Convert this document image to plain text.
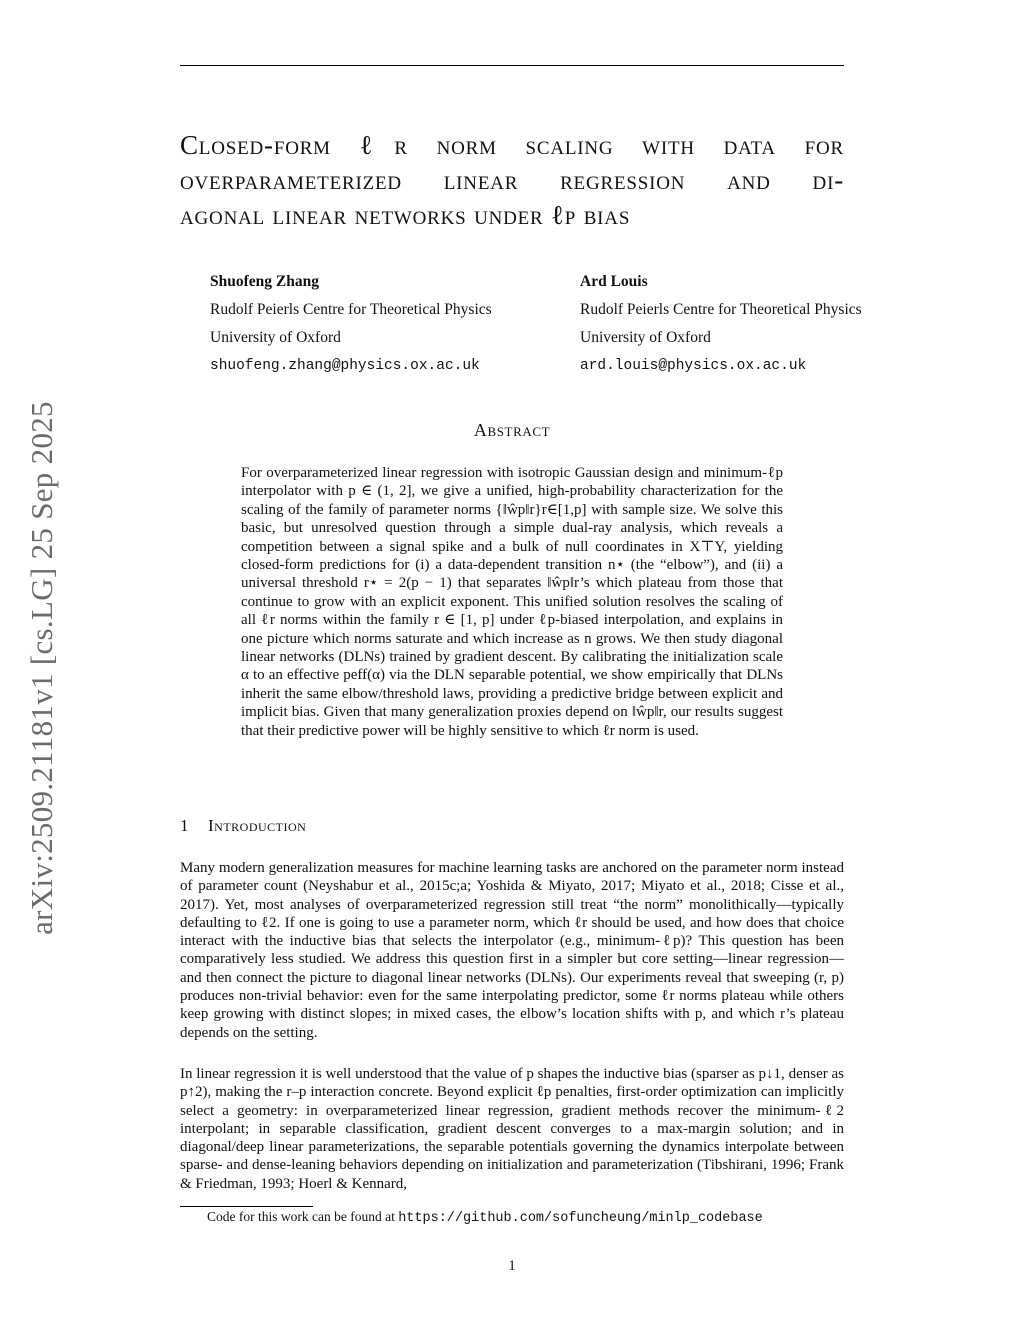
arXiv:2509.21181v1 [cs.LG] 25 Sep 2025
Closed-form ℓr norm scaling with data for
overparameterized linear regression and di-
agonal linear networks under ℓp bias
Shuofeng Zhang
Rudolf Peierls Centre for Theoretical Physics
University of Oxford
shuofeng.zhang@physics.ox.ac.uk
Ard Louis
Rudolf Peierls Centre for Theoretical Physics
University of Oxford
ard.louis@physics.ox.ac.uk
Abstract

For overparameterized linear regression with isotropic Gaussian design and minimum-ℓp interpolator with p ∈ (1, 2], we give a unified, high-probability characterization for the scaling of the family of parameter norms {‖ŵp‖r}r∈[1,p] with sample size. We solve this basic, but unresolved question through a simple dual-ray analysis, which reveals a competition between a signal spike and a bulk of null coordinates in X⊤Y, yielding closed-form predictions for (i) a data-dependent transition n⋆ (the “elbow”), and (ii) a universal threshold r⋆ = 2(p − 1) that separates ‖ŵp‖r’s which plateau from those that continue to grow with an explicit exponent. This unified solution resolves the scaling of all ℓr norms within the family r ∈ [1, p] under ℓp-biased interpolation, and explains in one picture which norms saturate and which increase as n grows. We then study diagonal linear networks (DLNs) trained by gradient descent. By calibrating the initialization scale α to an effective peff(α) via the DLN separable potential, we show empirically that DLNs inherit the same elbow/threshold laws, providing a predictive bridge between explicit and implicit bias. Given that many generalization proxies depend on ‖ŵp‖r, our results suggest that their predictive power will be highly sensitive to which ℓr norm is used.

1 Introduction

Many modern generalization measures for machine learning tasks are anchored on the parameter norm instead of parameter count (Neyshabur et al., 2015c;a; Yoshida & Miyato, 2017; Miyato et al., 2018; Cisse et al., 2017). Yet, most analyses of overparameterized regression still treat “the norm” monolithically—typically defaulting to ℓ2. If one is going to use a parameter norm, which ℓr should be used, and how does that choice interact with the inductive bias that selects the interpolator (e.g., minimum-ℓp)? This question has been comparatively less studied. We address this question first in a simpler but core setting—linear regression—and then connect the picture to diagonal linear networks (DLNs). Our experiments reveal that sweeping (r, p) produces non-trivial behavior: even for the same interpolating predictor, some ℓr norms plateau while others keep growing with distinct slopes; in mixed cases, the elbow’s location shifts with p, and which r’s plateau depends on the setting.

In linear regression it is well understood that the value of p shapes the inductive bias (sparser as p↓1, denser as p↑2), making the r–p interaction concrete. Beyond explicit ℓp penalties, first-order optimization can implicitly select a geometry: in overparameterized linear regression, gradient methods recover the minimum-ℓ2 interpolant; in separable classification, gradient descent converges to a max-margin solution; and in diagonal/deep linear parameterizations, the separable potentials governing the dynamics interpolate between sparse- and dense-leaning behaviors depending on initialization and parameterization (Tibshirani, 1996; Frank & Friedman, 1993; Hoerl & Kennard,

Code for this work can be found at https://github.com/sofuncheung/minlp_codebase
1
